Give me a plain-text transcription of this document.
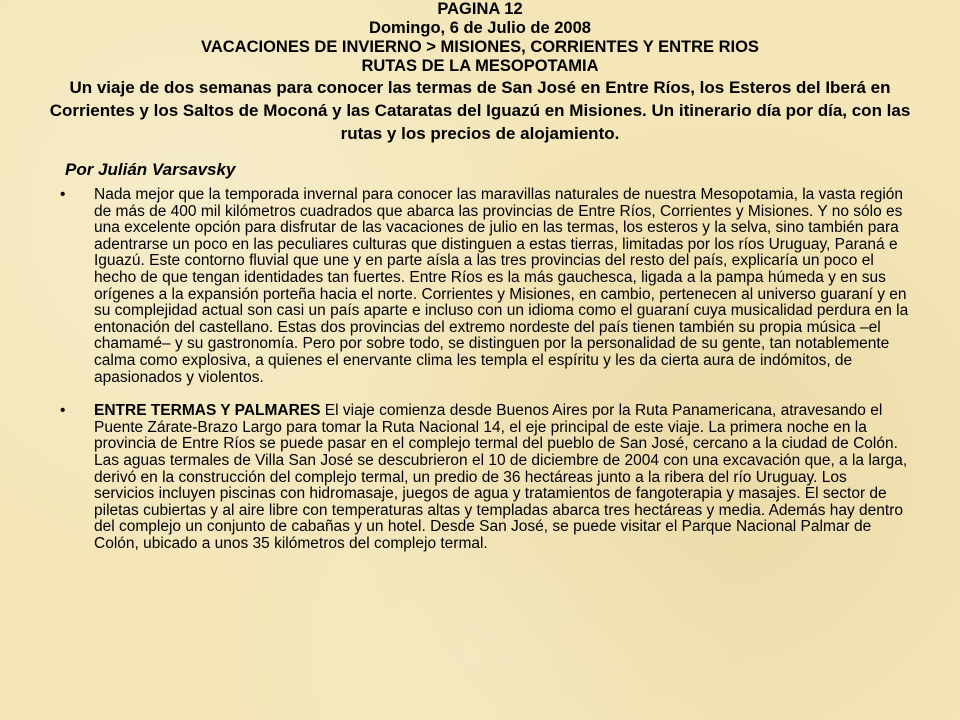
PAGINA 12
Domingo, 6 de Julio de 2008
VACACIONES DE INVIERNO > MISIONES, CORRIENTES Y ENTRE RIOS
RUTAS DE LA MESOPOTAMIA
Un viaje de dos semanas para conocer las termas de San José en Entre Ríos, los Esteros del Iberá en Corrientes y los Saltos de Moconá y las Cataratas del Iguazú en Misiones. Un itinerario día por día, con las rutas y los precios de alojamiento.
Por Julián Varsavsky
• Nada mejor que la temporada invernal para conocer las maravillas naturales de nuestra Mesopotamia, la vasta región de más de 400 mil kilómetros cuadrados que abarca las provincias de Entre Ríos, Corrientes y Misiones. Y no sólo es una excelente opción para disfrutar de las vacaciones de julio en las termas, los esteros y la selva, sino también para adentrarse un poco en las peculiares culturas que distinguen a estas tierras, limitadas por los ríos Uruguay, Paraná e Iguazú. Este contorno fluvial que une y en parte aísla a las tres provincias del resto del país, explicaría un poco el hecho de que tengan identidades tan fuertes. Entre Ríos es la más gauchesca, ligada a la pampa húmeda y en sus orígenes a la expansión porteña hacia el norte. Corrientes y Misiones, en cambio, pertenecen al universo guaraní y en su complejidad actual son casi un país aparte e incluso con un idioma como el guaraní cuya musicalidad perdura en la entonación del castellano. Estas dos provincias del extremo nordeste del país tienen también su propia música –el chamamé– y su gastronomía. Pero por sobre todo, se distinguen por la personalidad de su gente, tan notablemente calma como explosiva, a quienes el enervante clima les templa el espíritu y les da cierta aura de indómitos, de apasionados y violentos.
• ENTRE TERMAS Y PALMARES El viaje comienza desde Buenos Aires por la Ruta Panamericana, atravesando el Puente Zárate-Brazo Largo para tomar la Ruta Nacional 14, el eje principal de este viaje. La primera noche en la provincia de Entre Ríos se puede pasar en el complejo termal del pueblo de San José, cercano a la ciudad de Colón. Las aguas termales de Villa San José se descubrieron el 10 de diciembre de 2004 con una excavación que, a la larga, derivó en la construcción del complejo termal, un predio de 36 hectáreas junto a la ribera del río Uruguay. Los servicios incluyen piscinas con hidromasaje, juegos de agua y tratamientos de fangoterapia y masajes. El sector de piletas cubiertas y al aire libre con temperaturas altas y templadas abarca tres hectáreas y media. Además hay dentro del complejo un conjunto de cabañas y un hotel. Desde San José, se puede visitar el Parque Nacional Palmar de Colón, ubicado a unos 35 kilómetros del complejo termal.
